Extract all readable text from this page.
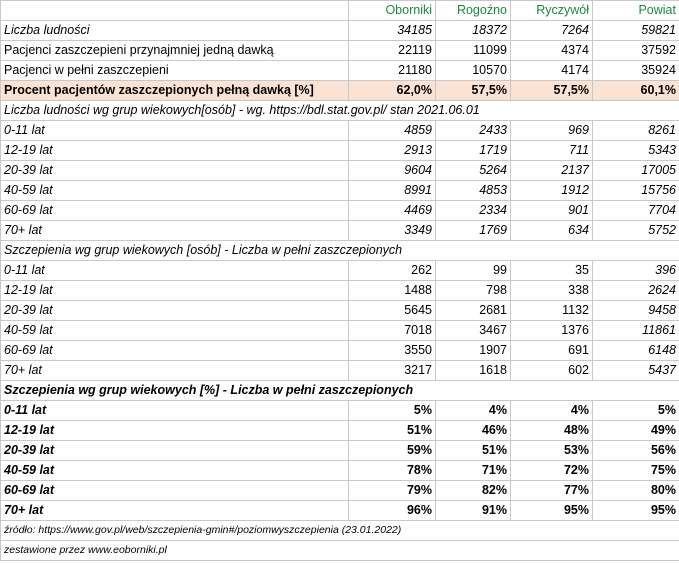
	Oborniki	Rogoźno	Ryczywół	Powiat
Liczba ludności	34185	18372	7264	59821
Pacjenci zaszczepieni przynajmniej jedną dawką	22119	11099	4374	37592
Pacjenci w pełni zaszczepieni	21180	10570	4174	35924
Procent pacjentów zaszczepionych pełną dawką [%]	62,0%	57,5%	57,5%	60,1%
Liczba ludności wg grup wiekowych[osób] - wg. https://bdl.stat.gov.pl/ stan 2021.06.01				
0-11 lat	4859	2433	969	8261
12-19 lat	2913	1719	711	5343
20-39 lat	9604	5264	2137	17005
40-59 lat	8991	4853	1912	15756
60-69 lat	4469	2334	901	7704
70+ lat	3349	1769	634	5752
Szczepienia wg grup wiekowych [osób] - Liczba w pełni zaszczepionych				
0-11 lat	262	99	35	396
12-19 lat	1488	798	338	2624
20-39 lat	5645	2681	1132	9458
40-59 lat	7018	3467	1376	11861
60-69 lat	3550	1907	691	6148
70+ lat	3217	1618	602	5437
Szczepienia wg grup wiekowych [%] - Liczba w pełni zaszczepionych				
0-11 lat	5%	4%	4%	5%
12-19 lat	51%	46%	48%	49%
20-39 lat	59%	51%	53%	56%
40-59 lat	78%	71%	72%	75%
60-69 lat	79%	82%	77%	80%
70+ lat	96%	91%	95%	95%
źródło: https://www.gov.pl/web/szczepienia-gmin#/poziomwyszczepienia (23.01.2022)				
zestawione przez www.eoborniki.pl				
